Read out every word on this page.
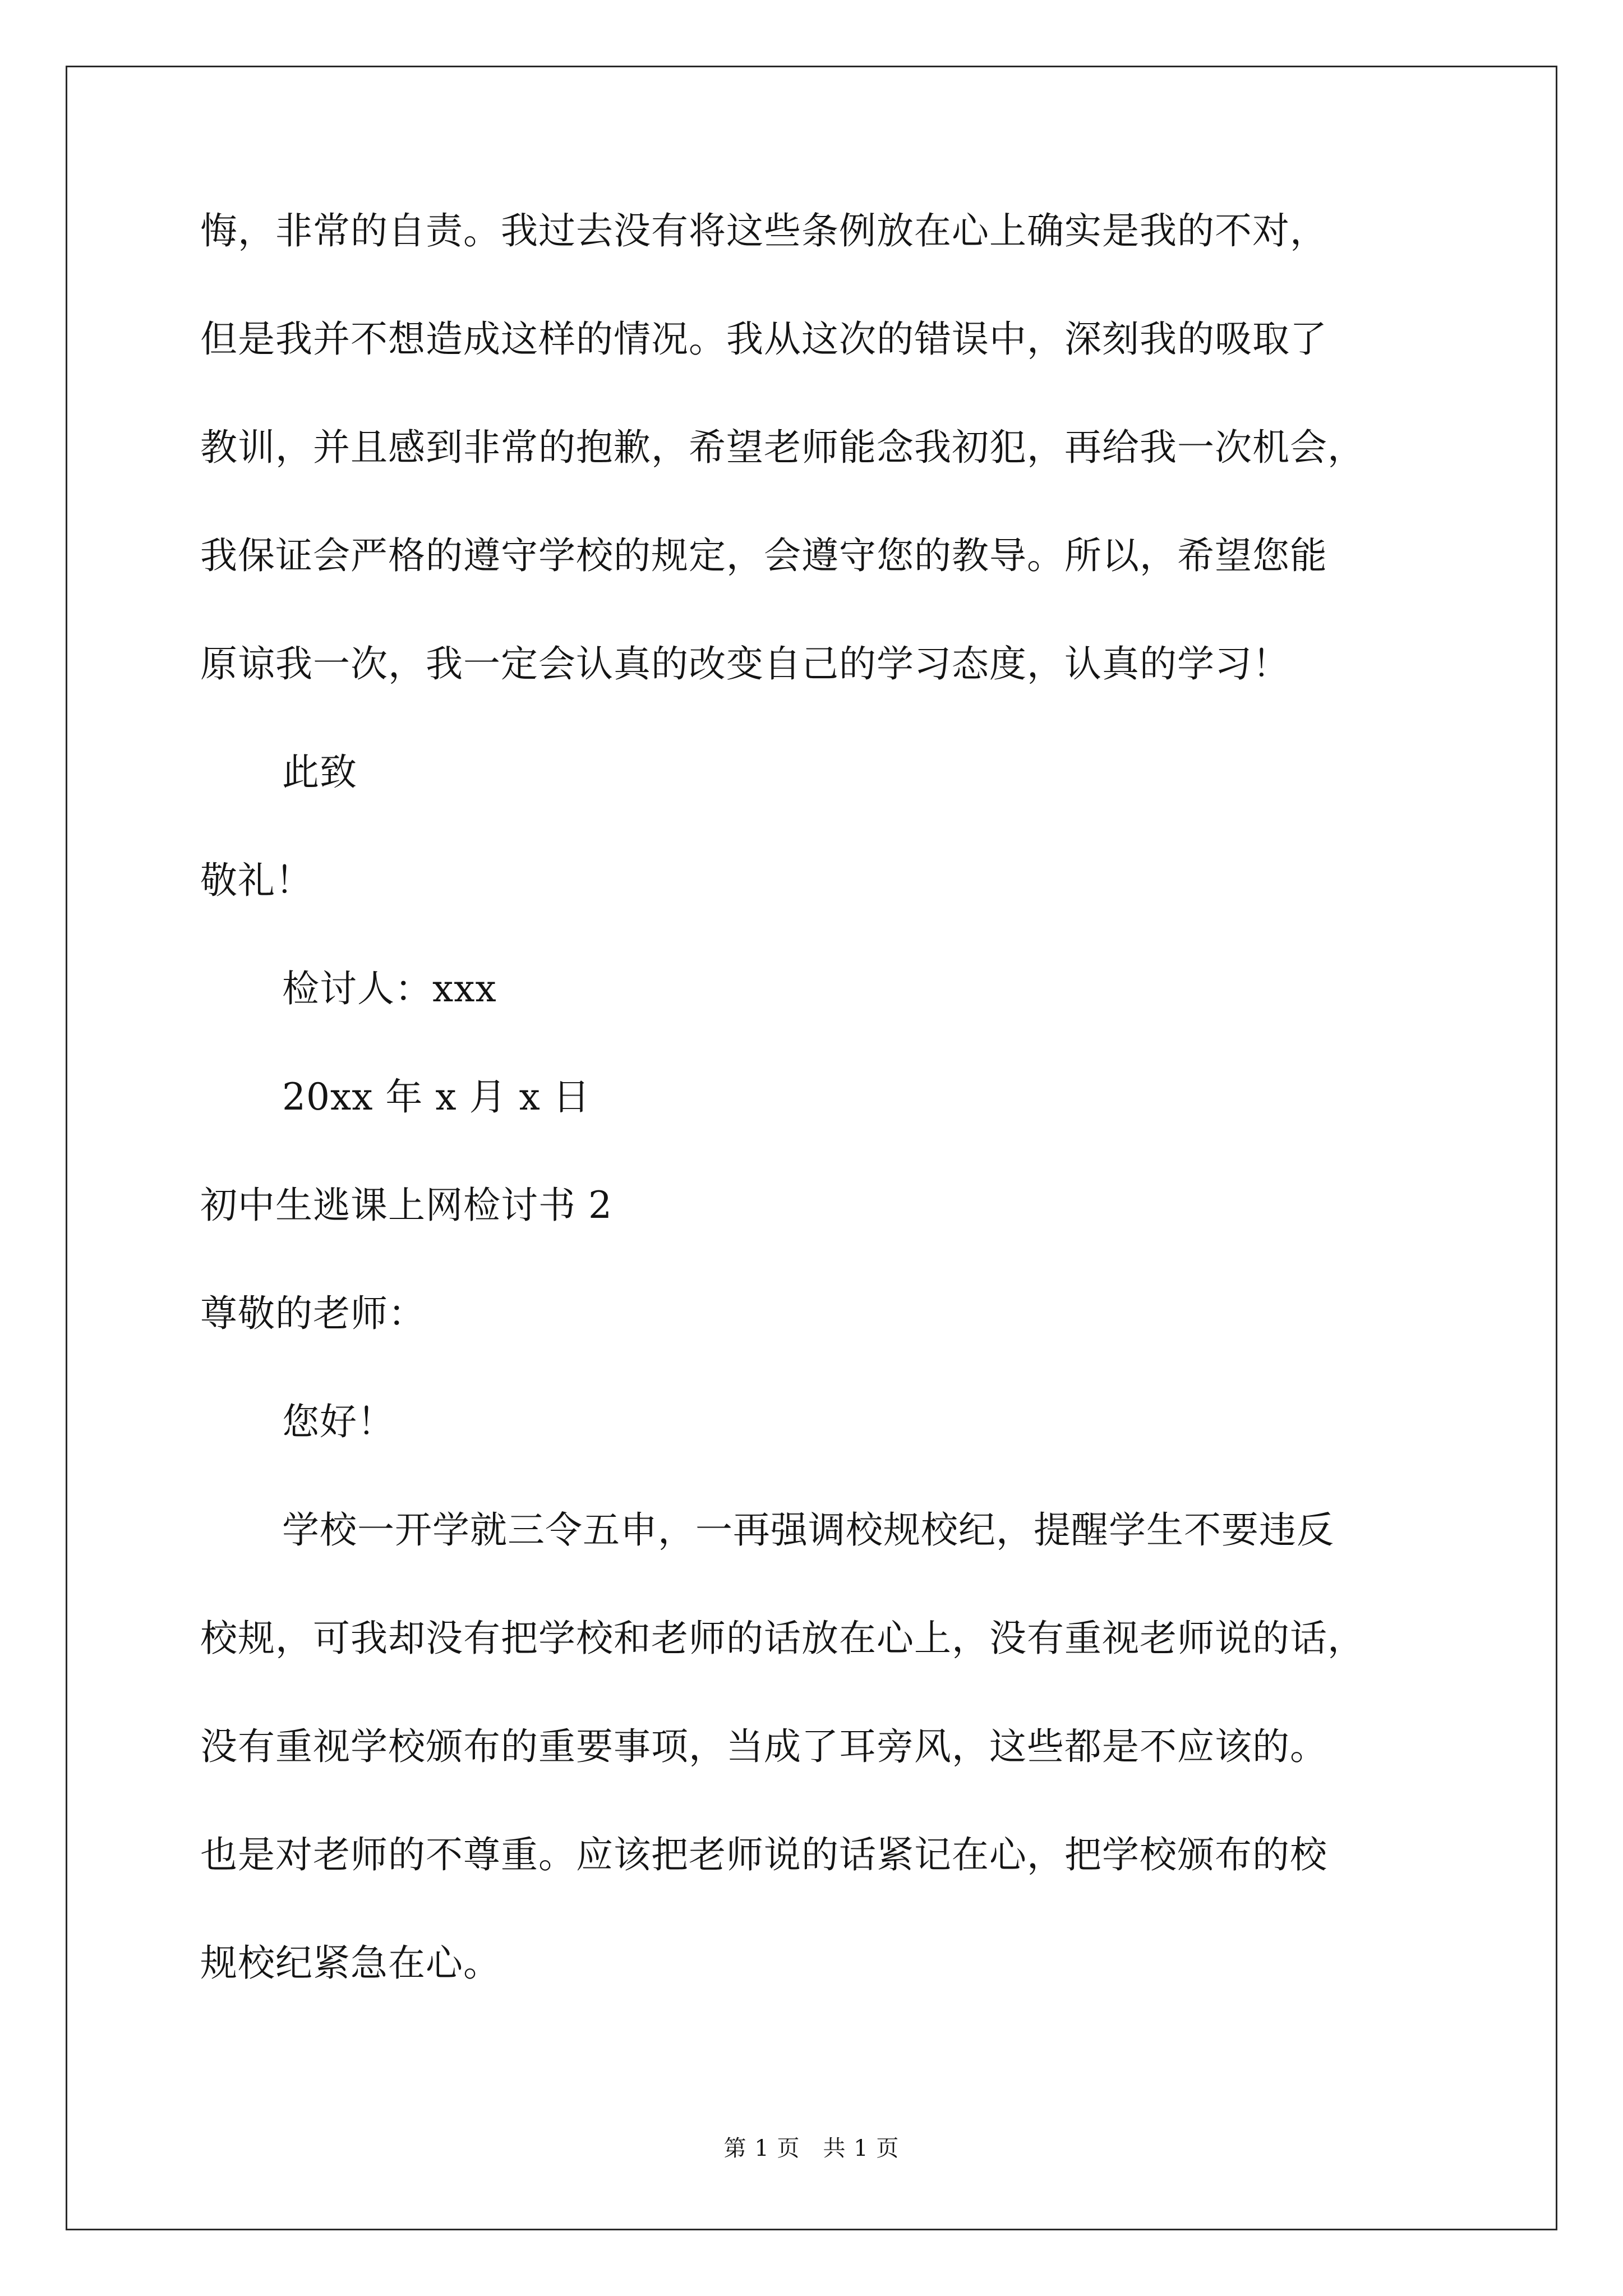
悔，非常的自责。我过去没有将这些条例放在心上确实是我的不对，
但是我并不想造成这样的情况。我从这次的错误中，深刻我的吸取了
教训，并且感到非常的抱歉，希望老师能念我初犯，再给我一次机会，
我保证会严格的遵守学校的规定，会遵守您的教导。所以，希望您能
原谅我一次，我一定会认真的改变自己的学习态度，认真的学习！
此致
敬礼！
检讨人：xxx
20xx 年 x 月 x 日
初中生逃课上网检讨书 2
尊敬的老师：
您好！
学校一开学就三令五申，一再强调校规校纪，提醒学生不要违反
校规，可我却没有把学校和老师的话放在心上，没有重视老师说的话，
没有重视学校颁布的重要事项，当成了耳旁风，这些都是不应该的。
也是对老师的不尊重。应该把老师说的话紧记在心，把学校颁布的校
规校纪紧急在心。
第 1 页　共 1 页
